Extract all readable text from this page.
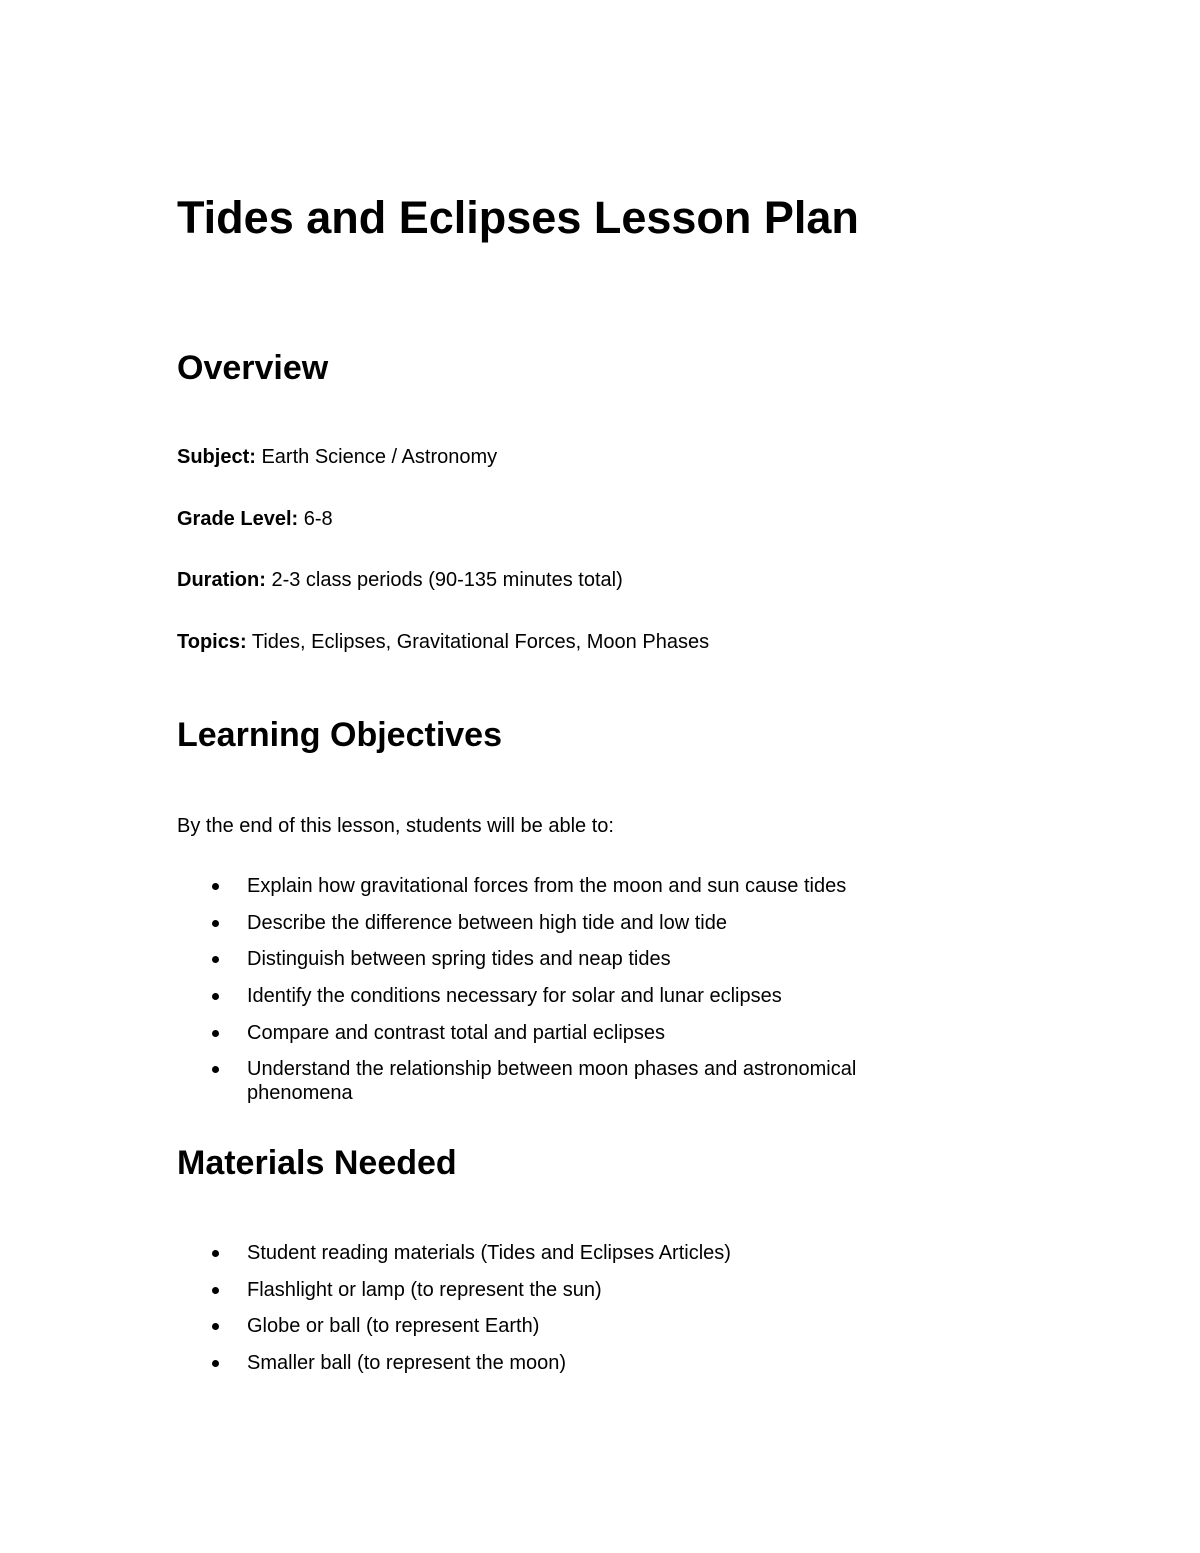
Tides and Eclipses Lesson Plan
Overview

Subject: Earth Science / Astronomy

Grade Level: 6-8

Duration: 2-3 class periods (90-135 minutes total)

Topics: Tides, Eclipses, Gravitational Forces, Moon Phases

Learning Objectives

By the end of this lesson, students will be able to:

Explain how gravitational forces from the moon and sun cause tides
Describe the difference between high tide and low tide
Distinguish between spring tides and neap tides
Identify the conditions necessary for solar and lunar eclipses
Compare and contrast total and partial eclipses
Understand the relationship between moon phases and astronomical phenomena
Materials Needed
Student reading materials (Tides and Eclipses Articles)
Flashlight or lamp (to represent the sun)
Globe or ball (to represent Earth)
Smaller ball (to represent the moon)
